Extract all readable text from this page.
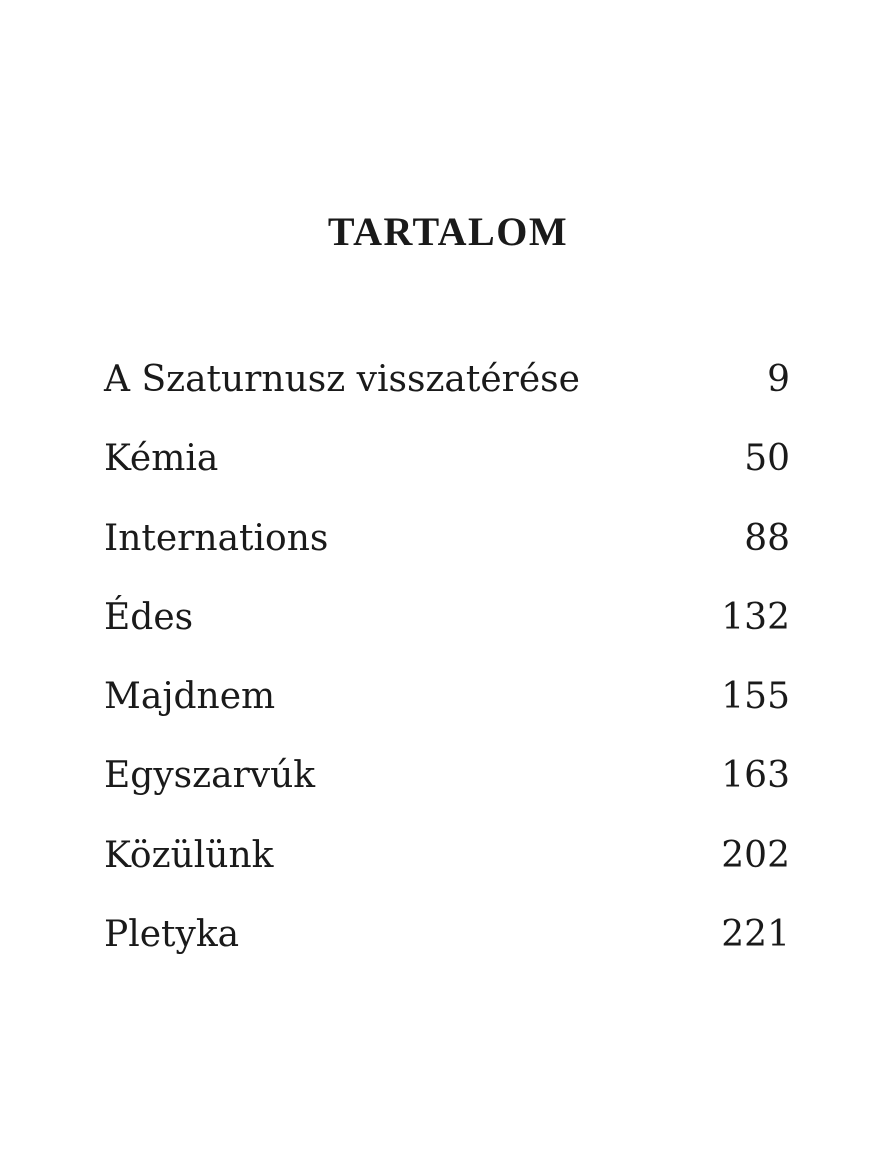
TARTALOM
A Szaturnusz visszatérése	9
Kémia	50
Internations	88
Édes	132
Majdnem	155
Egyszarvúk	163
Közülünk	202
Pletyka	221
